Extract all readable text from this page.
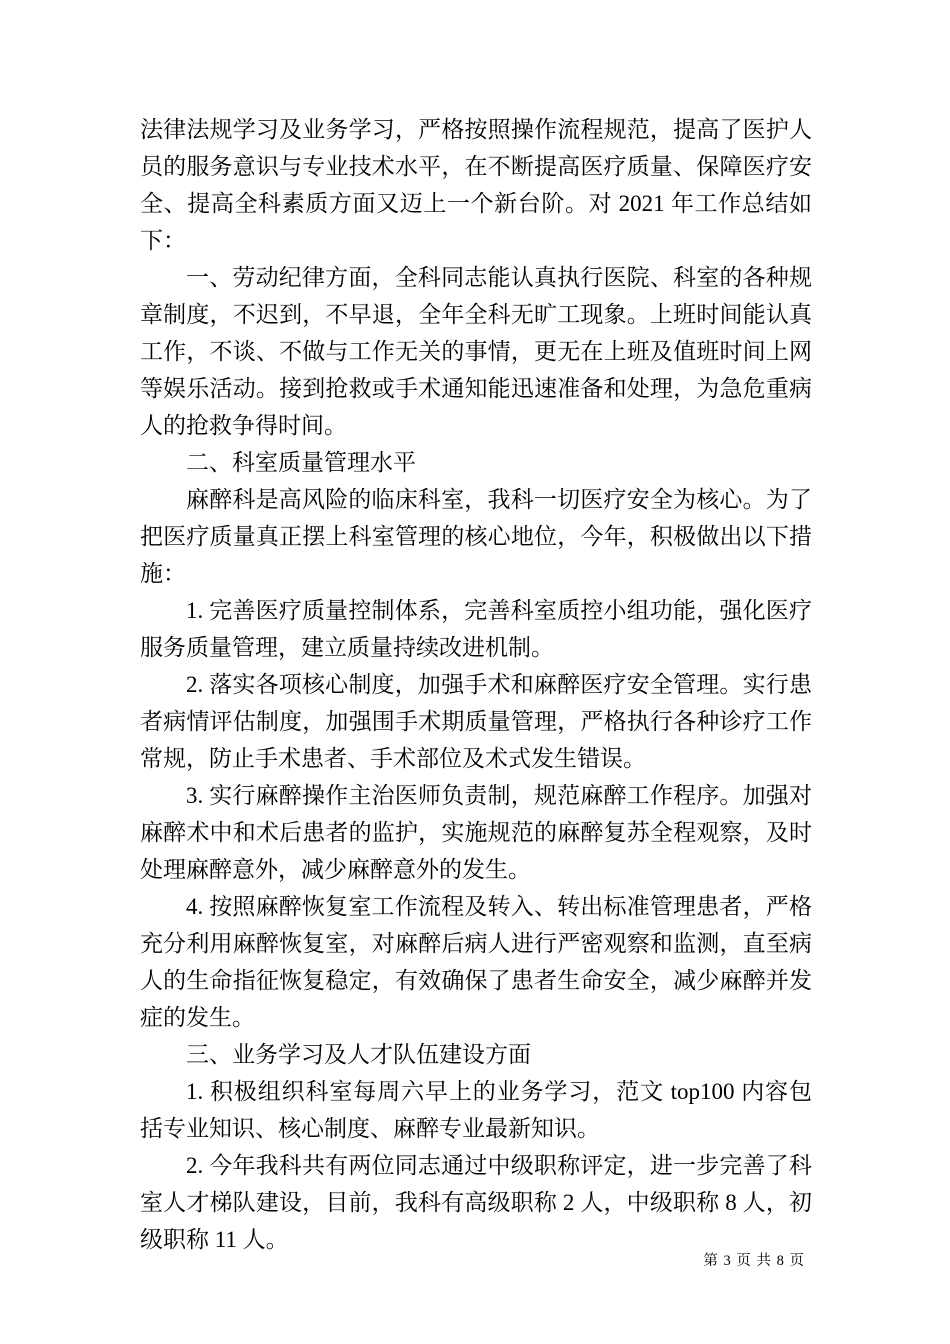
法律法规学习及业务学习，严格按照操作流程规范，提高了医护人员的服务意识与专业技术水平，在不断提高医疗质量、保障医疗安全、提高全科素质方面又迈上一个新台阶。对 2021 年工作总结如下：

一、劳动纪律方面，全科同志能认真执行医院、科室的各种规章制度，不迟到，不早退，全年全科无旷工现象。上班时间能认真工作，不谈、不做与工作无关的事情，更无在上班及值班时间上网等娱乐活动。接到抢救或手术通知能迅速准备和处理，为急危重病人的抢救争得时间。

二、科室质量管理水平

麻醉科是高风险的临床科室，我科一切医疗安全为核心。为了把医疗质量真正摆上科室管理的核心地位，今年，积极做出以下措施：

1. 完善医疗质量控制体系，完善科室质控小组功能，强化医疗服务质量管理，建立质量持续改进机制。

2. 落实各项核心制度，加强手术和麻醉医疗安全管理。实行患者病情评估制度，加强围手术期质量管理，严格执行各种诊疗工作常规，防止手术患者、手术部位及术式发生错误。

3. 实行麻醉操作主治医师负责制，规范麻醉工作程序。加强对麻醉术中和术后患者的监护，实施规范的麻醉复苏全程观察，及时处理麻醉意外，减少麻醉意外的发生。

4. 按照麻醉恢复室工作流程及转入、转出标准管理患者，严格充分利用麻醉恢复室，对麻醉后病人进行严密观察和监测，直至病人的生命指征恢复稳定，有效确保了患者生命安全，减少麻醉并发症的发生。

三、业务学习及人才队伍建设方面

1. 积极组织科室每周六早上的业务学习，范文 top100 内容包括专业知识、核心制度、麻醉专业最新知识。

2. 今年我科共有两位同志通过中级职称评定，进一步完善了科室人才梯队建设，目前，我科有高级职称 2 人，中级职称 8 人，初级职称 11 人。

第 3 页 共 8 页
